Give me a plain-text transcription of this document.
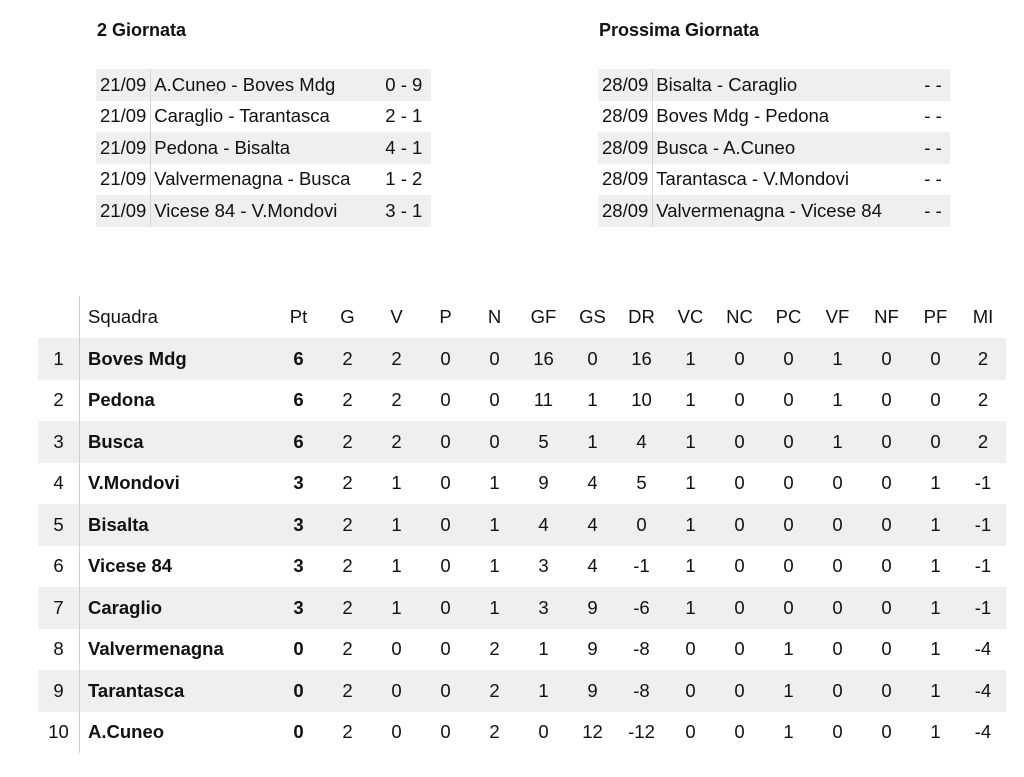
2 Giornata
21/09	A.Cuneo - Boves Mdg	0 - 9
21/09	Caraglio - Tarantasca	2 - 1
21/09	Pedona - Bisalta	4 - 1
21/09	Valvermenagna - Busca	1 - 2
21/09	Vicese 84 - V.Mondovi	3 - 1
Prossima Giornata
28/09	Bisalta - Caraglio	- -
28/09	Boves Mdg - Pedona	- -
28/09	Busca - A.Cuneo	- -
28/09	Tarantasca - V.Mondovi	- -
28/09	Valvermenagna - Vicese 84	- -
	Squadra	Pt	G	V	P	N	GF	GS	DR	VC	NC	PC	VF	NF	PF	MI
1	Boves Mdg	6	2	2	0	0	16	0	16	1	0	0	1	0	0	2
2	Pedona	6	2	2	0	0	11	1	10	1	0	0	1	0	0	2
3	Busca	6	2	2	0	0	5	1	4	1	0	0	1	0	0	2
4	V.Mondovi	3	2	1	0	1	9	4	5	1	0	0	0	0	1	-1
5	Bisalta	3	2	1	0	1	4	4	0	1	0	0	0	0	1	-1
6	Vicese 84	3	2	1	0	1	3	4	-1	1	0	0	0	0	1	-1
7	Caraglio	3	2	1	0	1	3	9	-6	1	0	0	0	0	1	-1
8	Valvermenagna	0	2	0	0	2	1	9	-8	0	0	1	0	0	1	-4
9	Tarantasca	0	2	0	0	2	1	9	-8	0	0	1	0	0	1	-4
10	A.Cuneo	0	2	0	0	2	0	12	-12	0	0	1	0	0	1	-4
